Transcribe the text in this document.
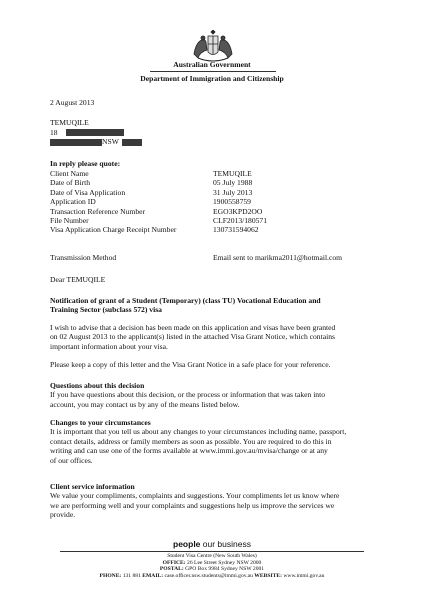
Australian Government
Department of Immigration and Citizenship
2 August 2013
TEMUQILE
18
NSW
In reply please quote:
Client Name	TEMUQILE
Date of Birth	05 July 1988
Date of Visa Application	31 July 2013
Application ID	1900558759
Transaction Reference Number	EGO3KPD2OO
File Number	CLF2013/180571
Visa Application Charge Receipt Number	130731594062
Transmission Method	Email sent to marikma2011@hotmail.com
Dear TEMUQILE
Notification of grant of a Student (Temporary) (class TU) Vocational Education and
Training Sector (subclass 572) visa
I wish to advise that a decision has been made on this application and visas have been granted
on 02 August 2013 to the applicant(s) listed in the attached Visa Grant Notice, which contains
important information about your visa.
Please keep a copy of this letter and the Visa Grant Notice in a safe place for your reference.
Questions about this decision
If you have questions about this decision, or the process or information that was taken into
account, you may contact us by any of the means listed below.
Changes to your circumstances
It is important that you tell us about any changes to your circumstances including name, passport,
contact details, address or family members as soon as possible. You are required to do this in
writing and can use one of the forms available at www.immi.gov.au/mvisa/change or at any
of our offices.
Client service information
We value your compliments, complaints and suggestions. Your compliments let us know where
we are performing well and your complaints and suggestions help us improve the services we
provide.
people our business
Student Visa Centre (New South Wales)
OFFICE: 26 Lee Street Sydney NSW 2000
POSTAL: GPO Box 9984 Sydney NSW 2001
PHONE: 131 881 EMAIL: case.officer.nsw.students@immi.gov.au WEBSITE: www.immi.gov.au
